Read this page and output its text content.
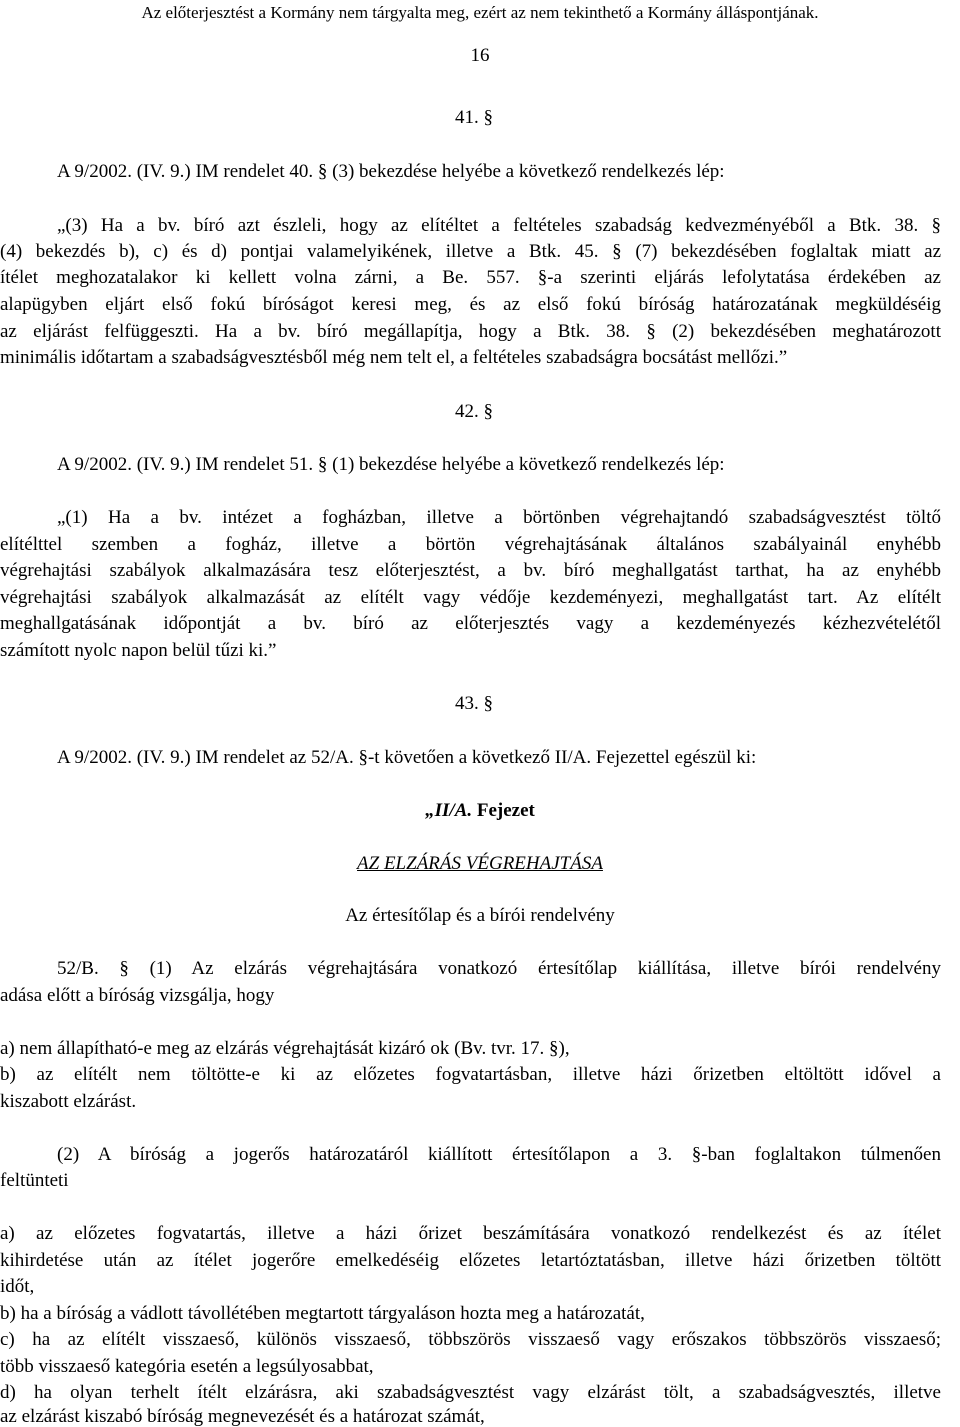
Az előterjesztést a Kormány nem tárgyalta meg, ezért az nem tekinthető a Kormány álláspontjának.
16
41. §
A 9/2002. (IV. 9.) IM rendelet 40. § (3) bekezdése helyébe a következő rendelkezés lép:
„(3) Ha a bv. bíró azt észleli, hogy az elítéltet a feltételes szabadság kedvezményéből a Btk. 38. §
(4) bekezdés b), c) és d) pontjai valamelyikének, illetve a Btk. 45. § (7) bekezdésében foglaltak miatt az
ítélet meghozatalakor ki kellett volna zárni, a Be. 557. §-a szerinti eljárás lefolytatása érdekében az
alapügyben eljárt első fokú bíróságot keresi meg, és az első fokú bíróság határozatának megküldéséig
az eljárást felfüggeszti. Ha a bv. bíró megállapítja, hogy a Btk. 38. § (2) bekezdésében meghatározott
minimális időtartam a szabadságvesztésből még nem telt el, a feltételes szabadságra bocsátást mellőzi.”
42. §
A 9/2002. (IV. 9.) IM rendelet 51. § (1) bekezdése helyébe a következő rendelkezés lép:
„(1) Ha a bv. intézet a fogházban, illetve a börtönben végrehajtandó szabadságvesztést töltő
elítélttel szemben a fogház, illetve a börtön végrehajtásának általános szabályainál enyhébb
végrehajtási szabályok alkalmazására tesz előterjesztést, a bv. bíró meghallgatást tarthat, ha az enyhébb
végrehajtási szabályok alkalmazását az elítélt vagy védője kezdeményezi, meghallgatást tart. Az elítélt
meghallgatásának időpontját a bv. bíró az előterjesztés vagy a kezdeményezés kézhezvételétől
számított nyolc napon belül tűzi ki.”
43. §
A 9/2002. (IV. 9.) IM rendelet az 52/A. §-t követően a következő II/A. Fejezettel egészül ki:
„II/A. Fejezet
AZ ELZÁRÁS VÉGREHAJTÁSA
Az értesítőlap és a bírói rendelvény
52/B. § (1) Az elzárás végrehajtására vonatkozó értesítőlap kiállítása, illetve bírói rendelvény
adása előtt a bíróság vizsgálja, hogy
a) nem állapítható-e meg az elzárás végrehajtását kizáró ok (Bv. tvr. 17. §),
b) az elítélt nem töltötte-e ki az előzetes fogvatartásban, illetve házi őrizetben eltöltött idővel a
kiszabott elzárást.
(2) A bíróság a jogerős határozatáról kiállított értesítőlapon a 3. §-ban foglaltakon túlmenően
feltünteti
a) az előzetes fogvatartás, illetve a házi őrizet beszámítására vonatkozó rendelkezést és az ítélet
kihirdetése után az ítélet jogerőre emelkedéséig előzetes letartóztatásban, illetve házi őrizetben töltött
időt,
b) ha a bíróság a vádlott távollétében megtartott tárgyaláson hozta meg a határozatát,
c) ha az elítélt visszaeső, különös visszaeső, többszörös visszaeső vagy erőszakos többszörös visszaeső;
több visszaeső kategória esetén a legsúlyosabbat,
d) ha olyan terhelt ítélt elzárásra, aki szabadságvesztést vagy elzárást tölt, a szabadságvesztés, illetve
az elzárást kiszabó bíróság megnevezését és a határozat számát,
